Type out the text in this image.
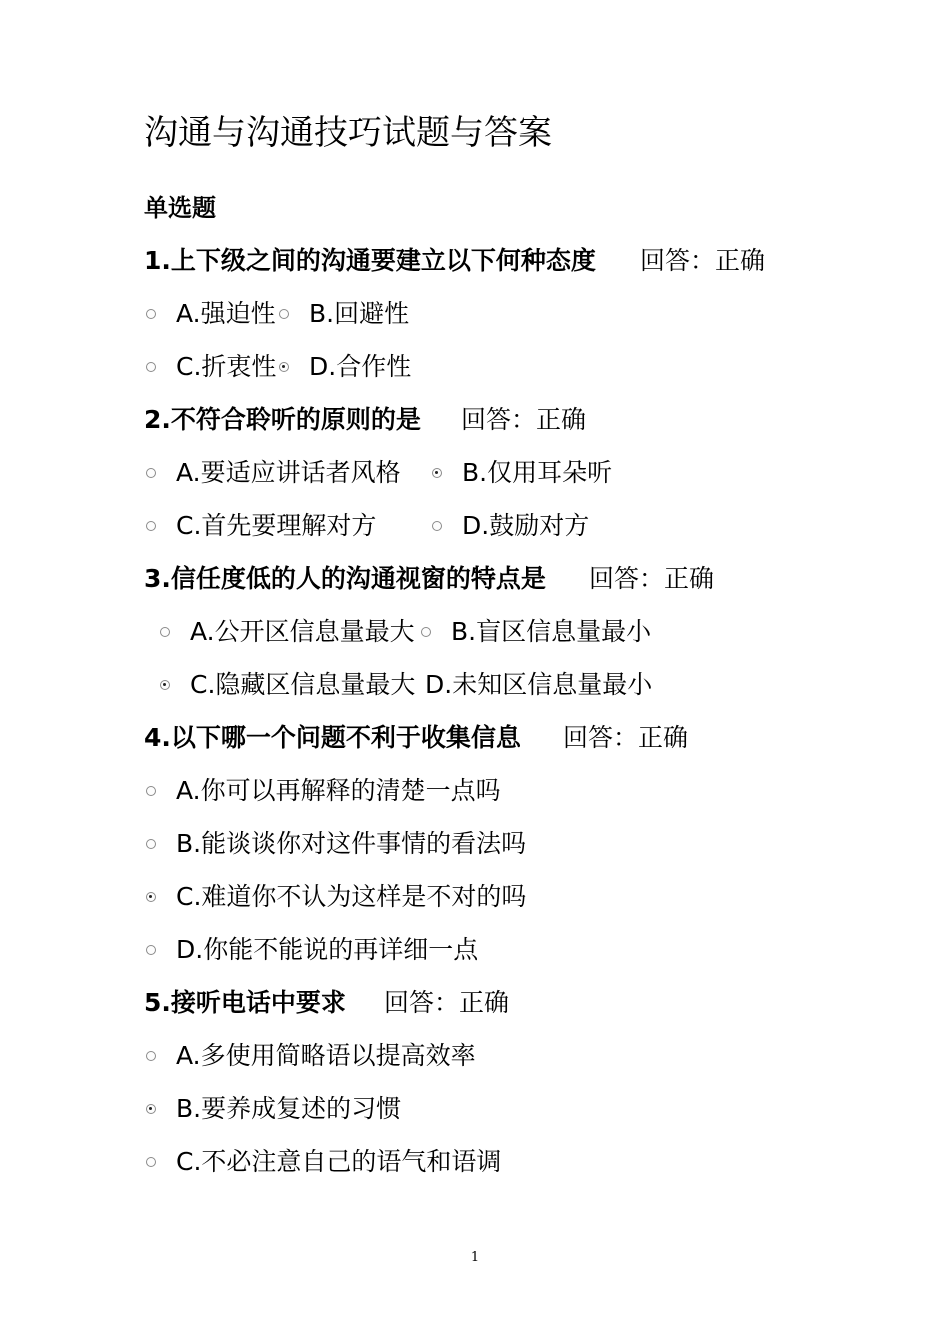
沟通与沟通技巧试题与答案
单选题
1.上下级之间的沟通要建立以下何种态度 回答：正确
A.强迫性 B.回避性
C.折衷性 D.合作性
2.不符合聆听的原则的是 回答：正确
A.要适应讲话者风格 B.仅用耳朵听
C.首先要理解对方	D.鼓励对方
3.信任度低的人的沟通视窗的特点是 回答：正确
A.公开区信息量最大 B.盲区信息量最小
C.隐藏区信息量最大 D.未知区信息量最小
4.以下哪一个问题不利于收集信息 回答：正确
A.你可以再解释的清楚一点吗
B.能谈谈你对这件事情的看法吗
C.难道你不认为这样是不对的吗
D.你能不能说的再详细一点
5.接听电话中要求 回答：正确
A.多使用简略语以提高效率
B.要养成复述的习惯
C.不必注意自己的语气和语调
1
